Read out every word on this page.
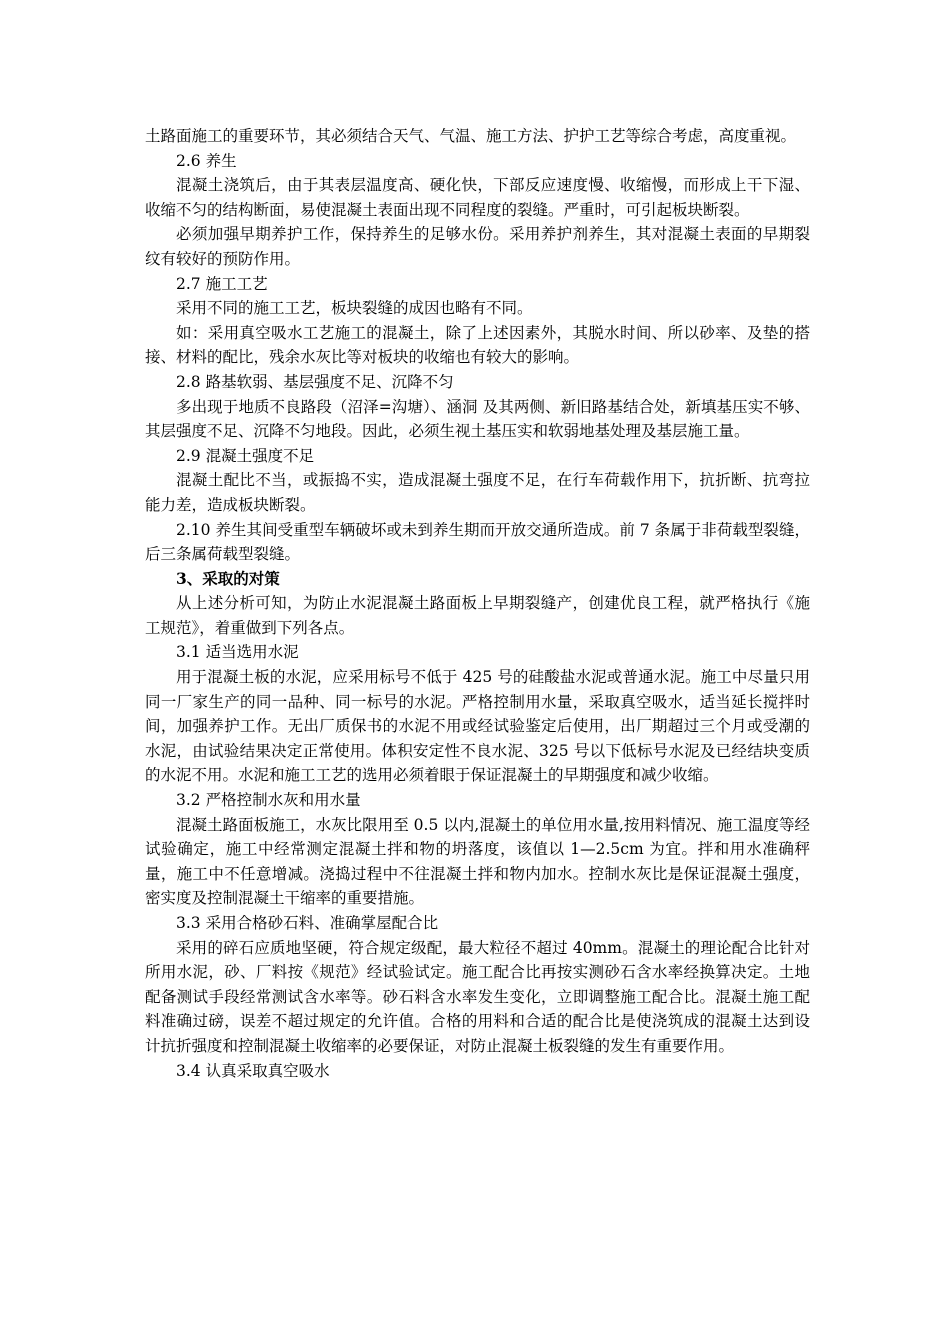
土路面施工的重要环节，其必须结合天气、气温、施工方法、护护工艺等综合考虑，高度重视。

2.6 养生

混凝土浇筑后，由于其表层温度高、硬化快，下部反应速度慢、收缩慢，而形成上干下湿、收缩不匀的结构断面，易使混凝土表面出现不同程度的裂缝。严重时，可引起板块断裂。

必须加强早期养护工作，保持养生的足够水份。采用养护剂养生，其对混凝土表面的早期裂纹有较好的预防作用。

2.7 施工工艺

采用不同的施工工艺，板块裂缝的成因也略有不同。

如：采用真空吸水工艺施工的混凝土，除了上述因素外，其脱水时间、所以砂率、及垫的搭接、材料的配比，残余水灰比等对板块的收缩也有较大的影响。

2.8 路基软弱、基层强度不足、沉降不匀

多出现于地质不良路段（沼泽=沟塘）、涵洞 及其两侧、新旧路基结合处，新填基压实不够、其层强度不足、沉降不匀地段。因此，必须生视土基压实和软弱地基处理及基层施工量。

2.9 混凝土强度不足

混凝土配比不当，或振捣不实，造成混凝土强度不足，在行车荷载作用下，抗折断、抗弯拉能力差，造成板块断裂。

2.10 养生其间受重型车辆破坏或未到养生期而开放交通所造成。前 7 条属于非荷载型裂缝，后三条属荷载型裂缝。

3、采取的对策

从上述分析可知，为防止水泥混凝土路面板上早期裂缝产，创建优良工程，就严格执行《施工规范》，着重做到下列各点。

3.1 适当选用水泥

用于混凝土板的水泥，应采用标号不低于 425 号的硅酸盐水泥或普通水泥。施工中尽量只用同一厂家生产的同一品种、同一标号的水泥。严格控制用水量，采取真空吸水，适当延长搅拌时间，加强养护工作。无出厂质保书的水泥不用或经试验鉴定后使用，出厂期超过三个月或受潮的水泥，由试验结果决定正常使用。体积安定性不良水泥、325 号以下低标号水泥及已经结块变质的水泥不用。水泥和施工工艺的选用必须着眼于保证混凝土的早期强度和减少收缩。

3.2 严格控制水灰和用水量

混凝土路面板施工，水灰比限用至 0.5 以内,混凝土的单位用水量,按用料情况、施工温度等经试验确定，施工中经常测定混凝土拌和物的坍落度，该值以 1—2.5cm 为宜。拌和用水准确秤量，施工中不任意增减。浇捣过程中不往混凝土拌和物内加水。控制水灰比是保证混凝土强度，密实度及控制混凝土干缩率的重要措施。

3.3 采用合格砂石料、准确掌屋配合比

采用的碎石应质地坚硬，符合规定级配，最大粒径不超过 40mm。混凝土的理论配合比针对所用水泥，砂、厂料按《规范》经试验试定。施工配合比再按实测砂石含水率经换算决定。土地配备测试手段经常测试含水率等。砂石料含水率发生变化，立即调整施工配合比。混凝土施工配料准确过磅，误差不超过规定的允许值。合格的用料和合适的配合比是使浇筑成的混凝土达到设计抗折强度和控制混凝土收缩率的必要保证，对防止混凝土板裂缝的发生有重要作用。

3.4 认真采取真空吸水
